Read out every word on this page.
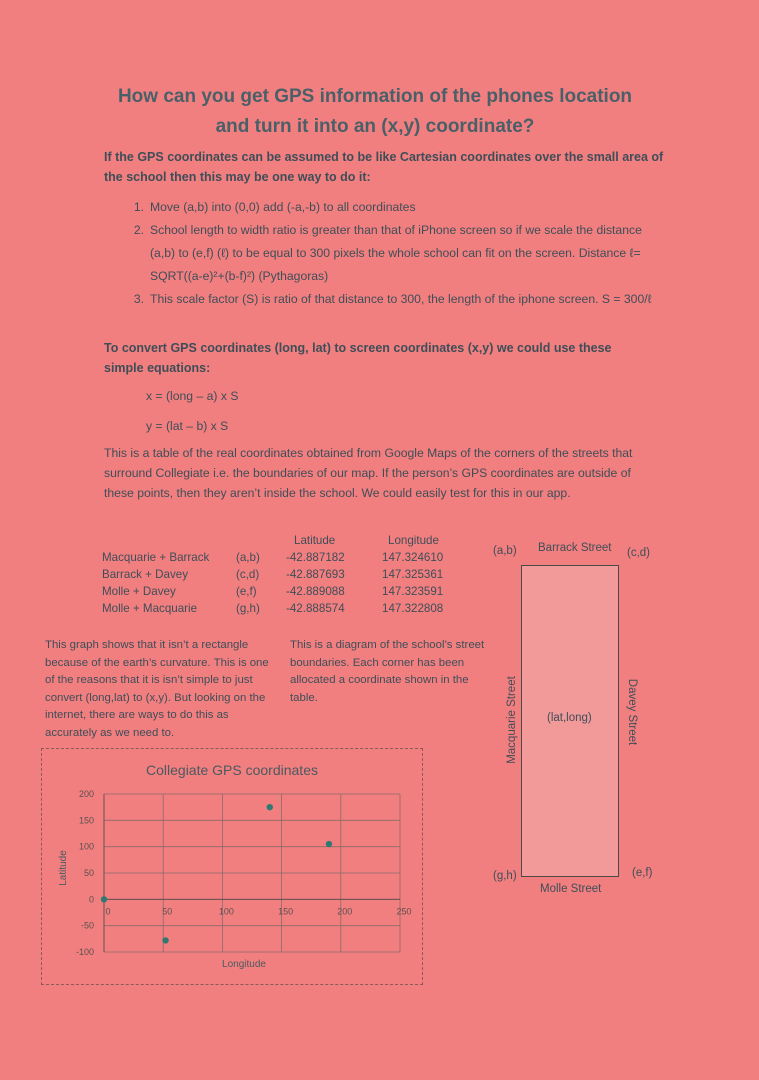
How can you get GPS information of the phones location
and turn it into an (x,y) coordinate?
If the GPS coordinates can be assumed to be like Cartesian coordinates over the small area of the school then this may be one way to do it:
1. Move (a,b) into (0,0) add (-a,-b) to all coordinates
2. School length to width ratio is greater than that of iPhone screen so if we scale the distance (a,b) to (e,f) (ℓ) to be equal to 300 pixels the whole school can fit on the screen. Distance ℓ= SQRT((a-e)²+(b-f)²) (Pythagoras)
3. This scale factor (S) is ratio of that distance to 300, the length of the iphone screen. S = 300/ℓ
To convert GPS coordinates (long, lat) to screen coordinates (x,y) we could use these simple equations:
x = (long – a) x S
y = (lat – b) x S
This is a table of the real coordinates obtained from Google Maps of the corners of the streets that surround Collegiate i.e. the boundaries of our map. If the person’s GPS coordinates are outside of these points, then they aren’t inside the school. We could easily test for this in our app.
		Latitude	Longitude
Macquarie + Barrack	(a,b)	-42.887182	147.324610
Barrack + Davey	(c,d)	-42.887693	147.325361
Molle + Davey	(e,f)	-42.889088	147.323591
Molle + Macquarie	(g,h)	-42.888574	147.322808
This graph shows that it isn’t a rectangle because of the earth’s curvature. This is one of the reasons that it is isn’t simple to just convert (long,lat) to (x,y). But looking on the internet, there are ways to do this as accurately as we need to.
This is a diagram of the school’s street boundaries. Each corner has been allocated a coordinate shown in the table.
200
150
100
50
0
-50
-100
0	50	100	150	200	250
Collegiate GPS coordinates
Longitude
Latitude
Barrack Street
Molle Street
(a,b)	(c,d)
(e,f)
(g,h)
(lat,long)
Macquarie Street	Davey Street
